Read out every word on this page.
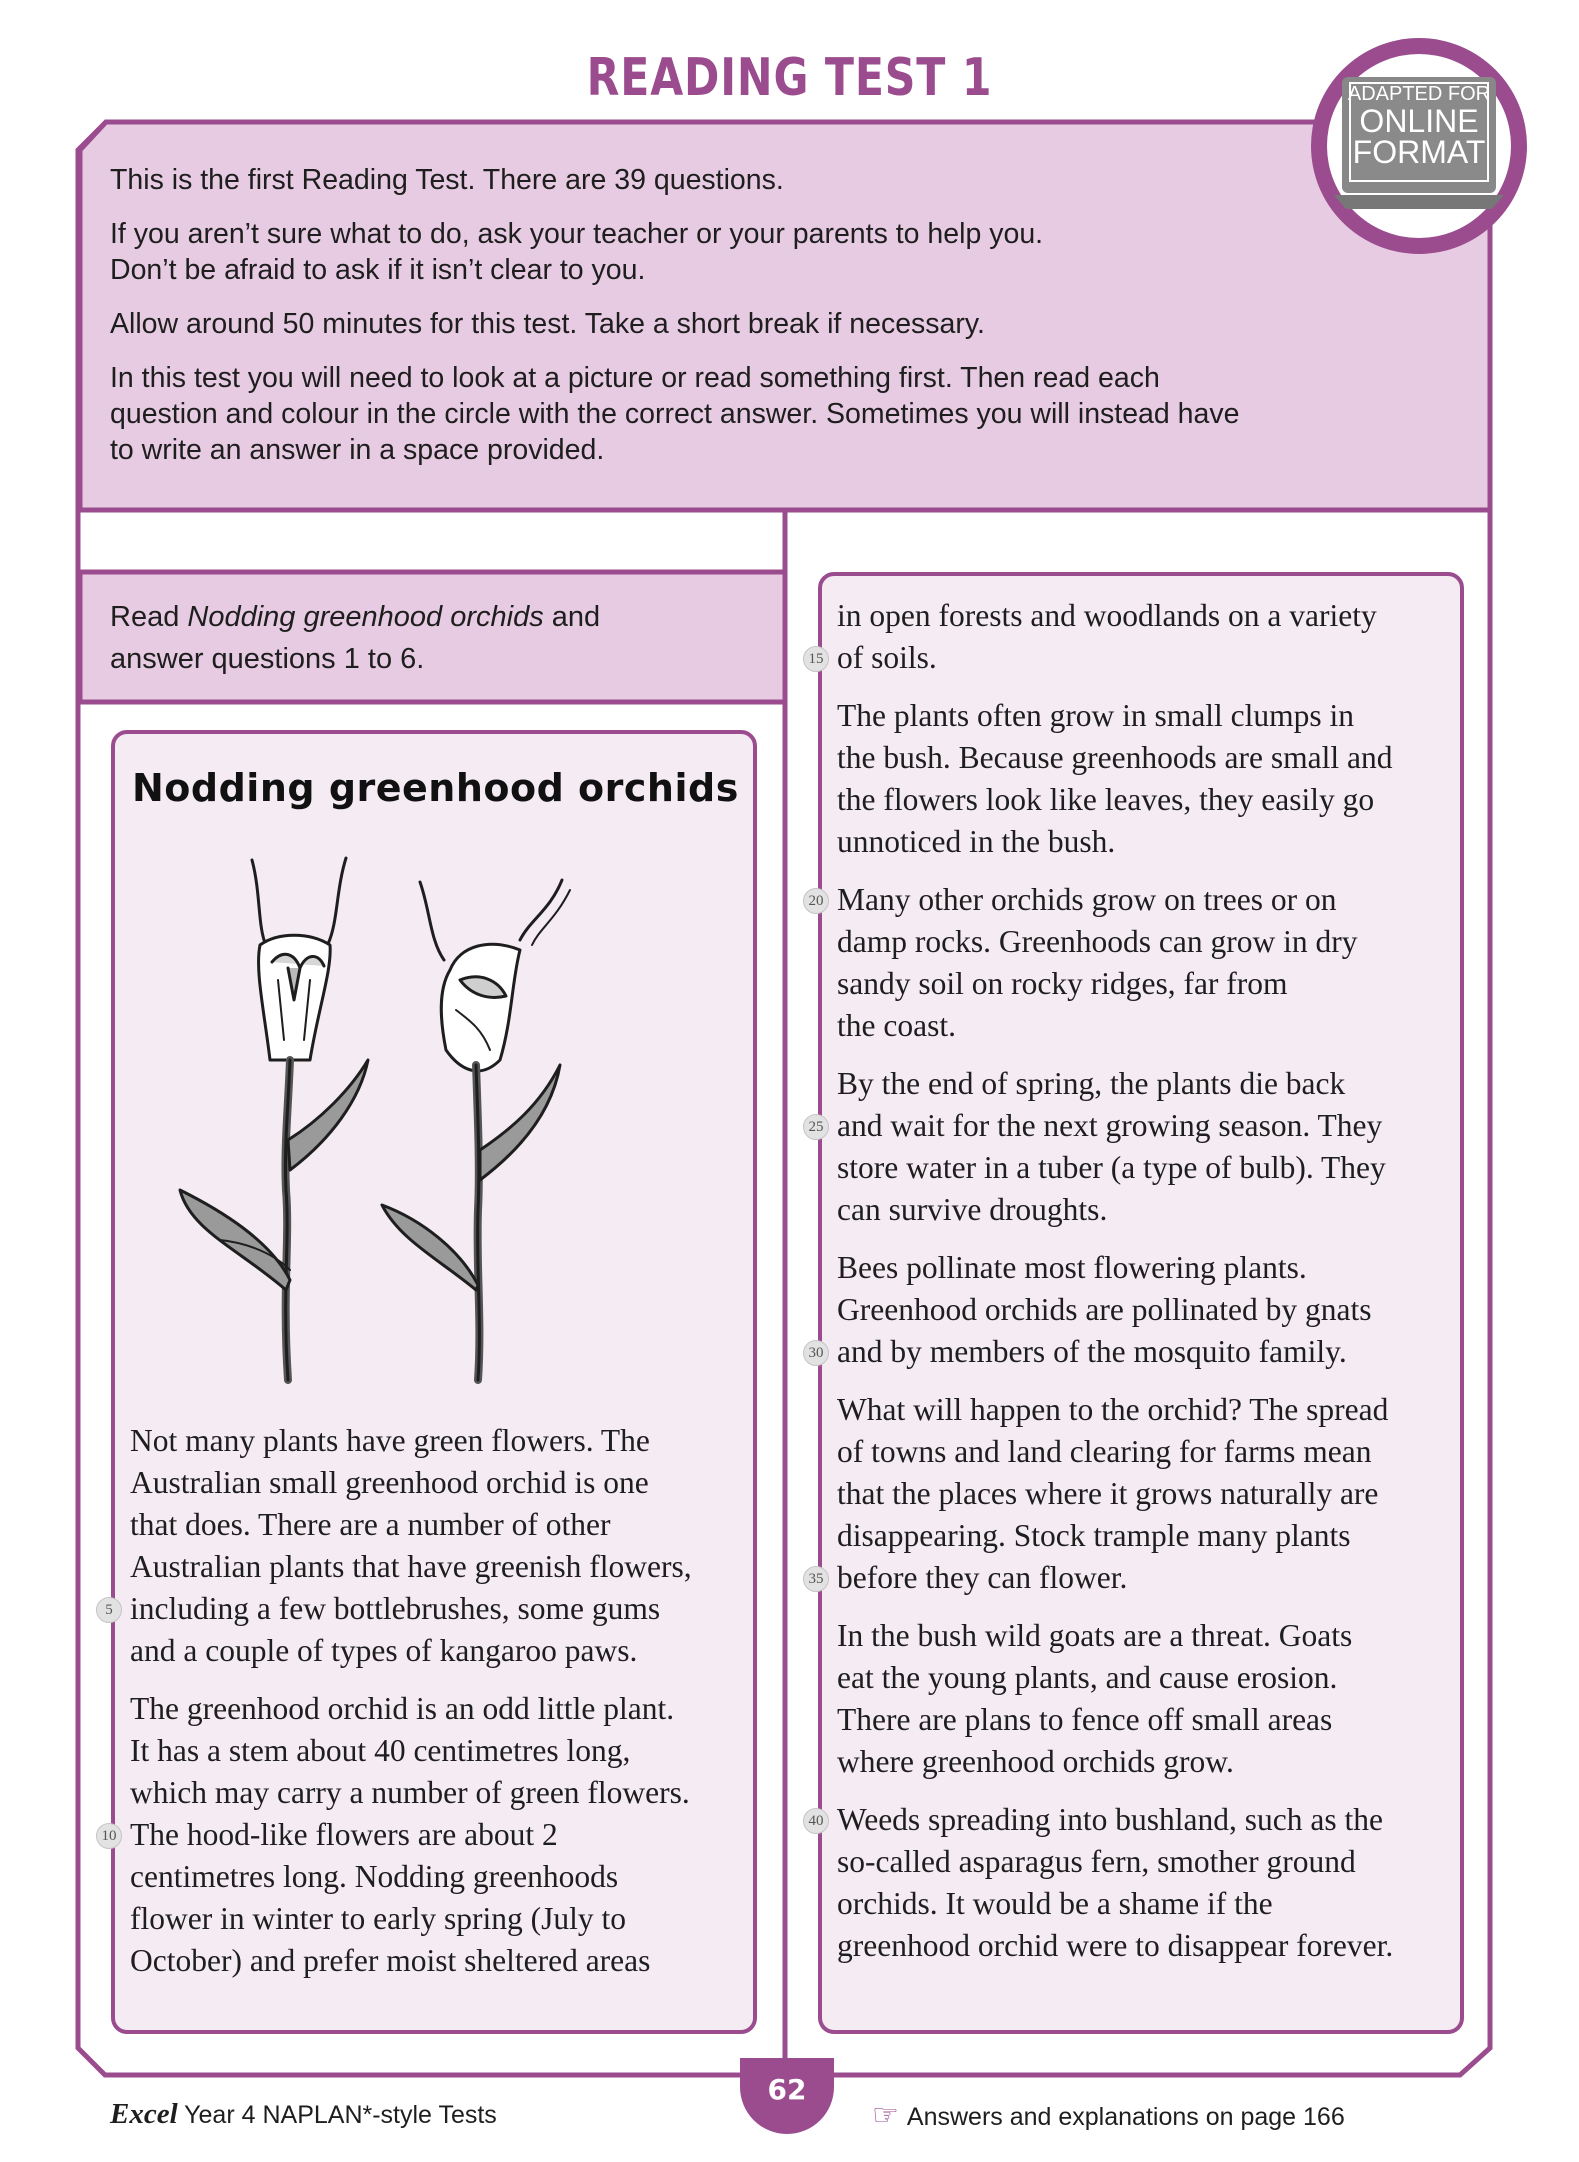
READING TEST 1	ADAPTED FOR
ONLINE
FORMAT

This is the first Reading Test. There are 39 questions.

If you aren’t sure what to do, ask your teacher or your parents to help you.
Don’t be afraid to ask if it isn’t clear to you.

Allow around 50 minutes for this test. Take a short break if necessary.

In this test you will need to look at a picture or read something first. Then read each
question and colour in the circle with the correct answer. Sometimes you will instead have
to write an answer in a space provided.

Read Nodding greenhood orchids and
answer questions 1 to 6.
Nodding greenhood orchids

Not many plants have green flowers. The
Australian small greenhood orchid is one
that does. There are a number of other
Australian plants that have greenish flowers,
5 including a few bottlebrushes, some gums
and a couple of types of kangaroo paws.

The greenhood orchid is an odd little plant.
It has a stem about 40 centimetres long,
which may carry a number of green flowers.
10 The hood-like flowers are about 2
centimetres long. Nodding greenhoods
flower in winter to early spring (July to
October) and prefer moist sheltered areas

in open forests and woodlands on a variety
15 of soils.

The plants often grow in small clumps in
the bush. Because greenhoods are small and
the flowers look like leaves, they easily go
unnoticed in the bush.

20 Many other orchids grow on trees or on
damp rocks. Greenhoods can grow in dry
sandy soil on rocky ridges, far from
the coast.

By the end of spring, the plants die back
25 and wait for the next growing season. They
store water in a tuber (a type of bulb). They
can survive droughts.

Bees pollinate most flowering plants.
Greenhood orchids are pollinated by gnats
30 and by members of the mosquito family.

What will happen to the orchid? The spread
of towns and land clearing for farms mean
that the places where it grows naturally are
disappearing. Stock trample many plants
35 before they can flower.

In the bush wild goats are a threat. Goats
eat the young plants, and cause erosion.
There are plans to fence off small areas
where greenhood orchids grow.

40 Weeds spreading into bushland, such as the
so-called asparagus fern, smother ground
orchids. It would be a shame if the
greenhood orchid were to disappear forever.

Excel Year 4 NAPLAN*-style Tests
62
☞ Answers and explanations on page 166
